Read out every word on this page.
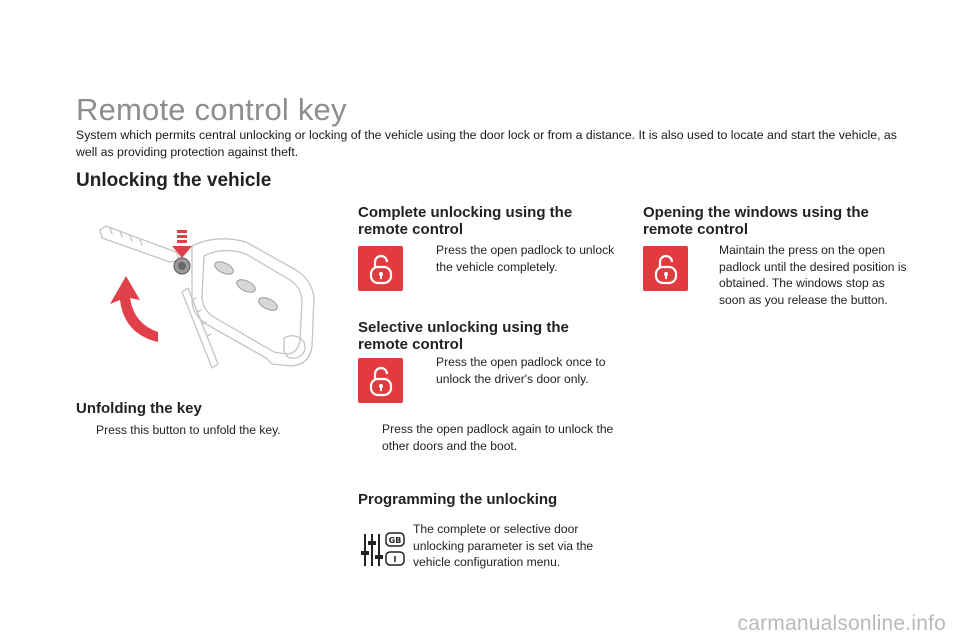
Remote control key

System which permits central unlocking or locking of the vehicle using the door lock or from a distance. It is also used to locate and start the vehicle, as well as providing protection against theft.

Unlocking the vehicle
Unfolding the key
Press this button to unfold the key.
Complete unlocking using the remote control
Press the open padlock to unlock the vehicle completely.
Selective unlocking using the remote control
Press the open padlock once to unlock the driver's door only.
Press the open padlock again to unlock the other doors and the boot.
Programming the unlocking
GB
I

The complete or selective door unlocking parameter is set via the vehicle configuration menu.

Opening the windows using the remote control
Maintain the press on the open padlock until the desired position is obtained. The windows stop as soon as you release the button.
carmanualsonline.info
